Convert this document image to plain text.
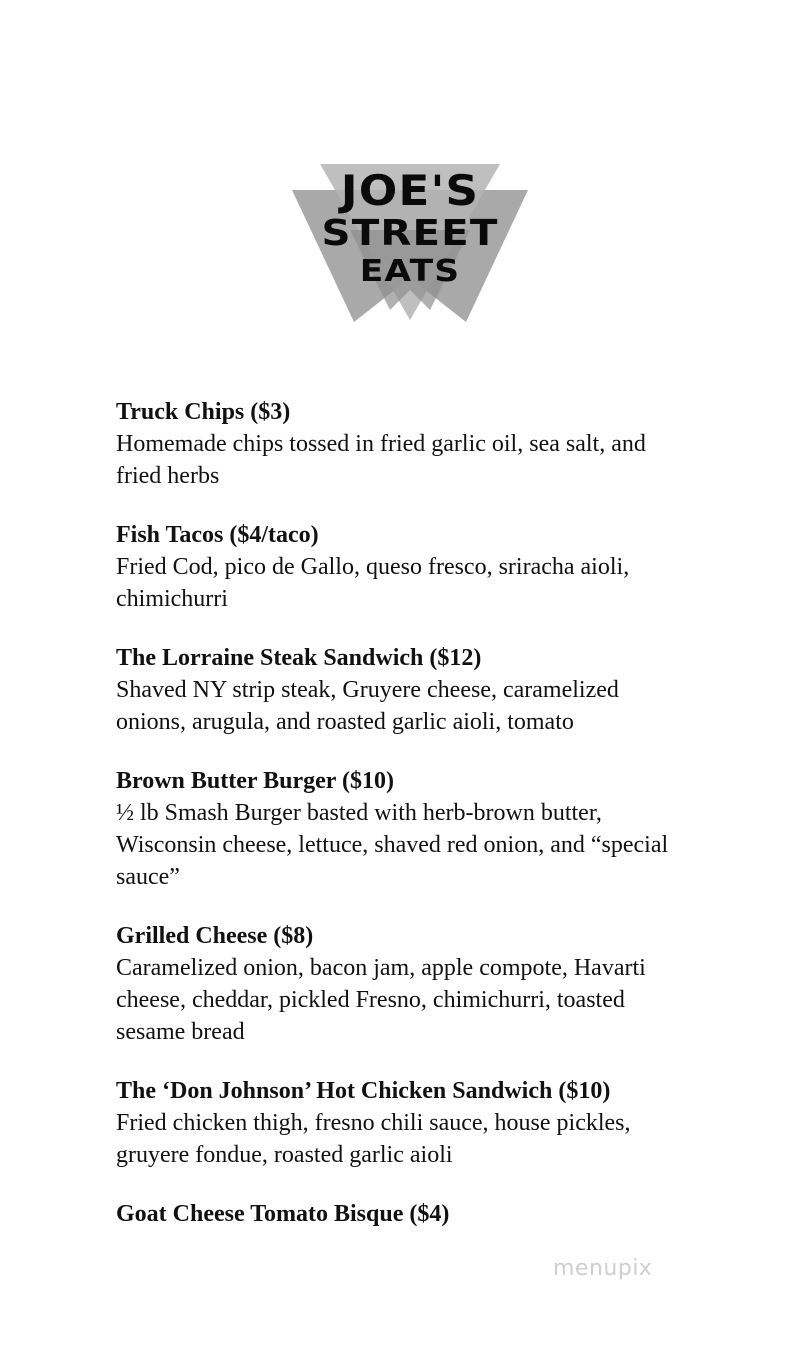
JOE'S
STREET
EATS
Truck Chips ($3)
Homemade chips tossed in fried garlic oil, sea salt, and fried herbs
Fish Tacos ($4/taco)
Fried Cod, pico de Gallo, queso fresco, sriracha aioli, chimichurri
The Lorraine Steak Sandwich ($12)
Shaved NY strip steak, Gruyere cheese, caramelized onions, arugula, and roasted garlic aioli, tomato
Brown Butter Burger ($10)
½ lb Smash Burger basted with herb-brown butter, Wisconsin cheese, lettuce, shaved red onion, and “special sauce”
Grilled Cheese ($8)
Caramelized onion, bacon jam, apple compote, Havarti cheese, cheddar, pickled Fresno, chimichurri, toasted sesame bread
The ‘Don Johnson’ Hot Chicken Sandwich ($10)
Fried chicken thigh, fresno chili sauce, house pickles, gruyere fondue, roasted garlic aioli
Goat Cheese Tomato Bisque ($4)
menupix
